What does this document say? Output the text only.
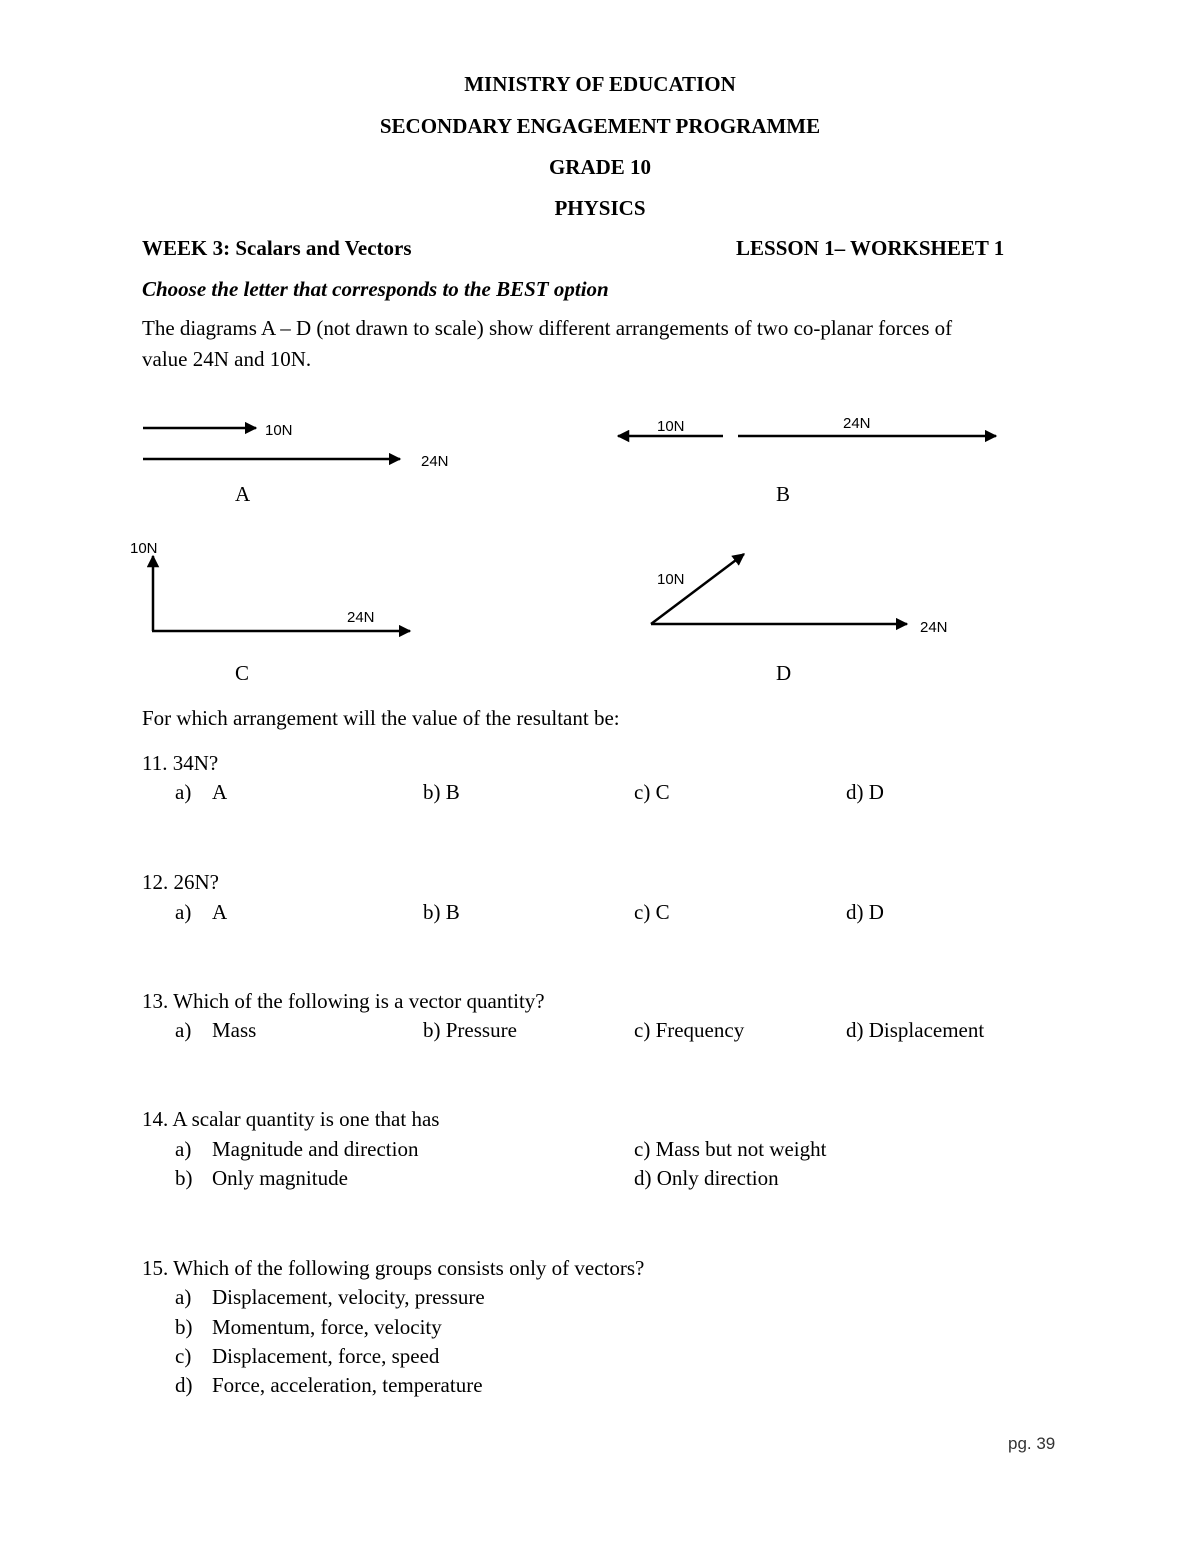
MINISTRY OF EDUCATION
SECONDARY ENGAGEMENT PROGRAMME
GRADE 10
PHYSICS
WEEK 3: Scalars and Vectors	LESSON 1– WORKSHEET 1
Choose the letter that corresponds to the BEST option
The diagrams A – D (not drawn to scale) show different arrangements of two co-planar forces of
value 24N and 10N.
10N
24N
10N	24N
10N
24N
10N
24N
A	B
C	D
For which arrangement will the value of the resultant be:
11. 34N?
a) A	b) B	c) C	d) D
12. 26N?
a) A	b) B	c) C	d) D
13. Which of the following is a vector quantity?
a) Mass	b) Pressure	c) Frequency	d) Displacement
14. A scalar quantity is one that has
a) Magnitude and direction	c) Mass but not weight
b) Only magnitude	d) Only direction
15. Which of the following groups consists only of vectors?
a) Displacement, velocity, pressure
b) Momentum, force, velocity
c) Displacement, force, speed
d) Force, acceleration, temperature
pg. 39
